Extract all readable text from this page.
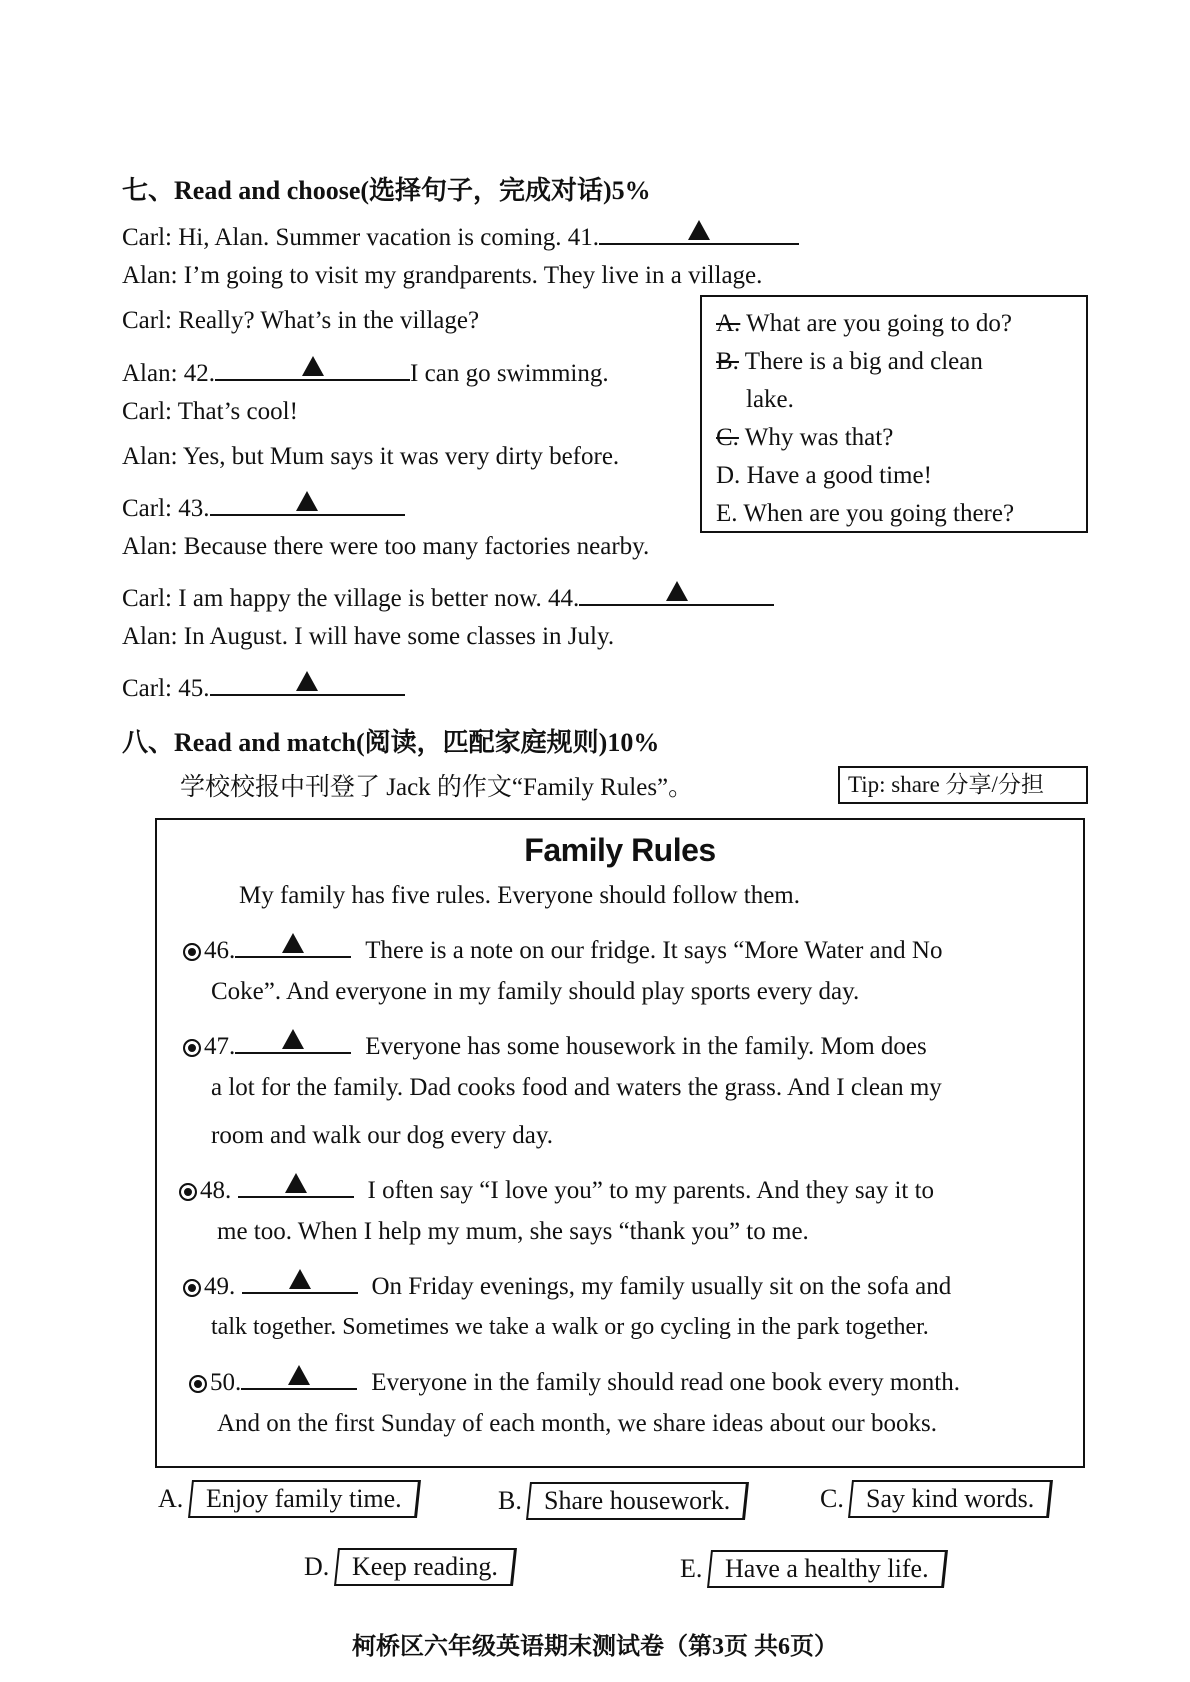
七、Read and choose(选择句子，完成对话)5%
Carl: Hi, Alan. Summer vacation is coming. 41.
Alan: I’m going to visit my grandparents. They live in a village.
Carl: Really? What’s in the village?
Alan: 42.	I can go swimming.
Carl: That’s cool!
Alan: Yes, but Mum says it was very dirty before.
Carl: 43.
Alan: Because there were too many factories nearby.
Carl: I am happy the village is better now. 44.
Alan: In August. I will have some classes in July.
Carl: 45.
A. What are you going to do?
B. There is a big and clean
lake.
C. Why was that?
D. Have a good time!
E. When are you going there?
八、Read and match(阅读，匹配家庭规则)10%
学校校报中刊登了 Jack 的作文“Family Rules”。	Tip: share 分享/分担
Family Rules
My family has five rules. Everyone should follow them.
46.	There is a note on our fridge. It says “More Water and No
Coke”. And everyone in my family should play sports every day.
47.	Everyone has some housework in the family. Mom does
a lot for the family. Dad cooks food and waters the grass. And I clean my
room and walk our dog every day.
48.	I often say “I love you” to my parents. And they say it to
me too. When I help my mum, she says “thank you” to me.
49.	On Friday evenings, my family usually sit on the sofa and
talk together. Sometimes we take a walk or go cycling in the park together.
50.	Everyone in the family should read one book every month.
And on the first Sunday of each month, we share ideas about our books.
A. Enjoy family time.	B. Share housework.	C. Say kind words.
D. Keep reading.	E. Have a healthy life.
柯桥区六年级英语期末测试卷（第3页 共6页）
